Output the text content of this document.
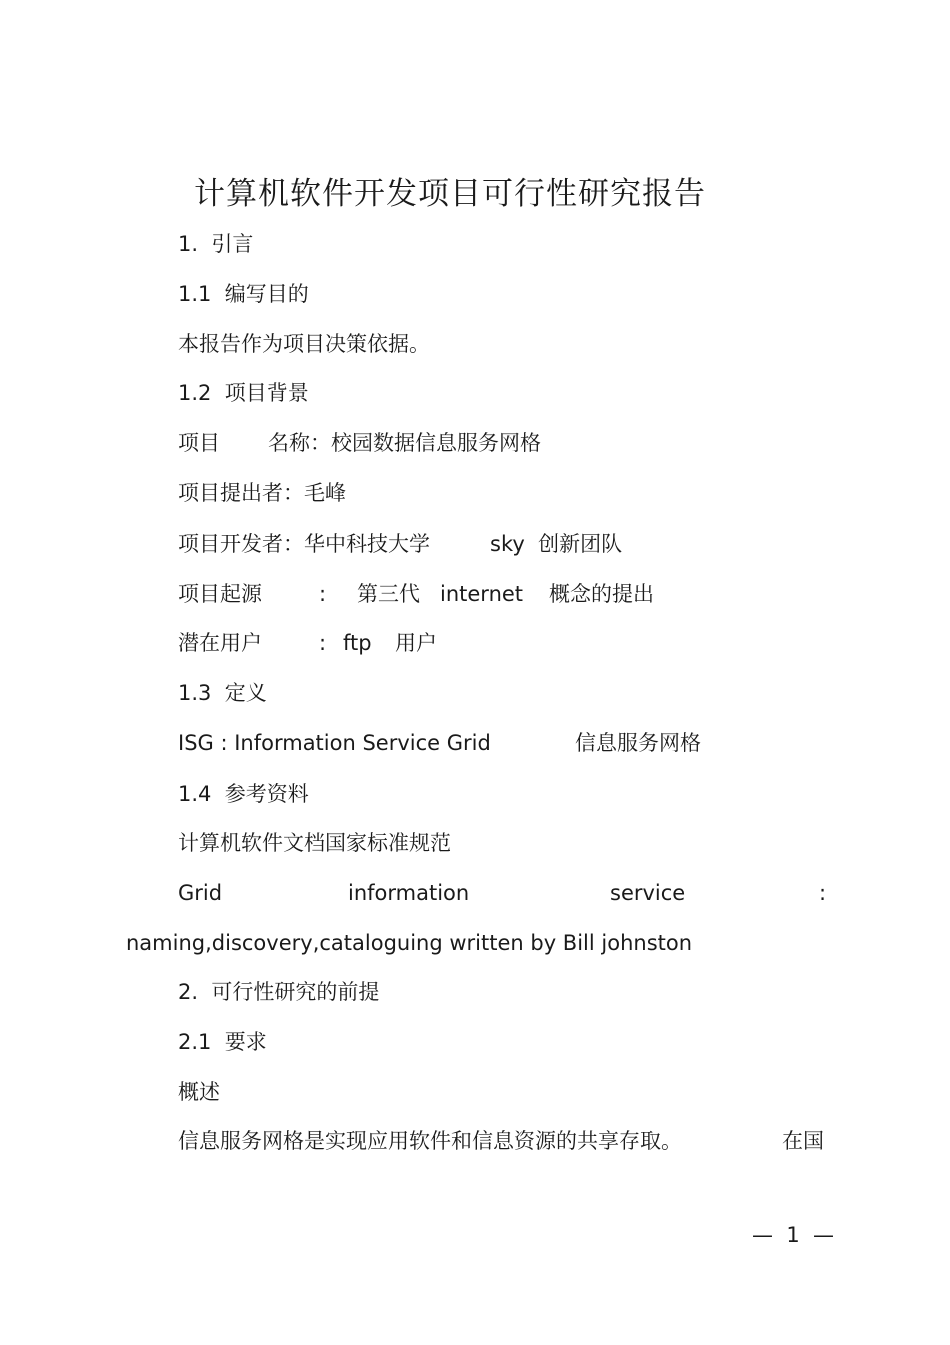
计算机软件开发项目可行性研究报告
1.  引言
1.1  编写目的
本报告作为项目决策依据。
1.2  项目背景
项目 名称：校园数据信息服务网格
项目提出者：毛峰
项目开发者：华中科技大学	sky  创新团队
项目起源	: 第三代 internet 概念的提出
潜在用户	: ftp 用户
1.3  定义
ISG : Information Service Grid	信息服务网格
1.4  参考资料
计算机软件文档国家标准规范
Grid	information	service	:
naming,discovery,cataloguing written by Bill johnston
2.  可行性研究的前提
2.1  要求
概述
信息服务网格是实现应用软件和信息资源的共享存取。	在国
—  1  —
